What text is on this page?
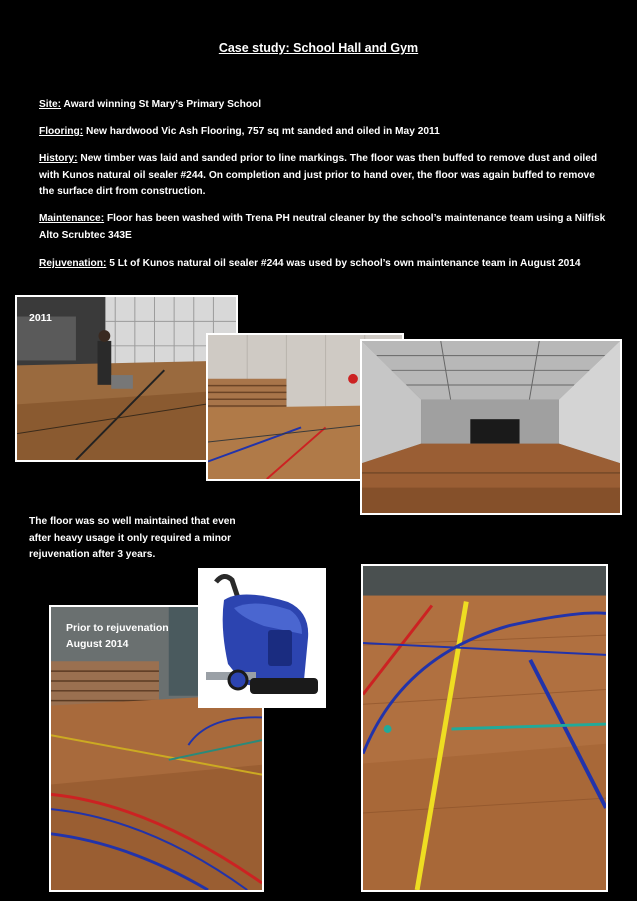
Case study: School Hall and Gym
Site: Award winning St Mary’s Primary School
Flooring: New hardwood Vic Ash Flooring, 757 sq mt sanded and oiled in May 2011
History: New timber was laid and sanded prior to line markings. The floor was then buffed to remove dust and oiled with Kunos natural oil sealer #244. On completion and just prior to hand over, the floor was again buffed to remove the surface dirt from construction.
Maintenance: Floor has been washed with Trena PH neutral cleaner by the school’s maintenance team using a Nilfisk Alto Scrubtec 343E
Rejuvenation: 5 Lt of Kunos natural oil sealer #244 was used by school’s own maintenance team in August 2014
2011
The floor was so well maintained that even after heavy usage it only required a minor rejuvenation after 3 years.
Prior to rejuvenation
August 2014
